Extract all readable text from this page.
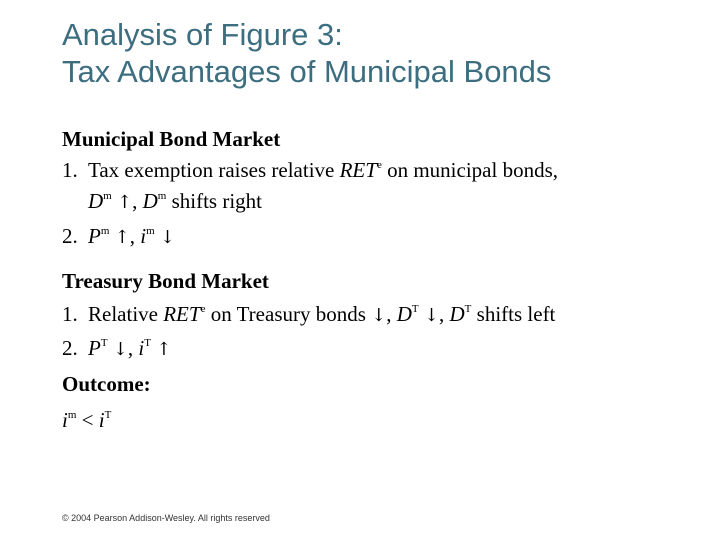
Analysis of Figure 3:
Tax Advantages of Municipal Bonds
Municipal Bond Market
1. Tax exemption raises relative RET$^e$ on municipal bonds,
$D^m$ ↑, $D^m$ shifts right
2. $P^m$ ↑, $i^m$ ↓
Treasury Bond Market
1. Relative RET$^e$ on Treasury bonds ↓, $D^T$ ↓, $D^T$ shifts left
2. $P^T$ ↓, $i^T$ ↑
Outcome:
$i^m < i^T$
© 2004 Pearson Addison-Wesley. All rights reserved
